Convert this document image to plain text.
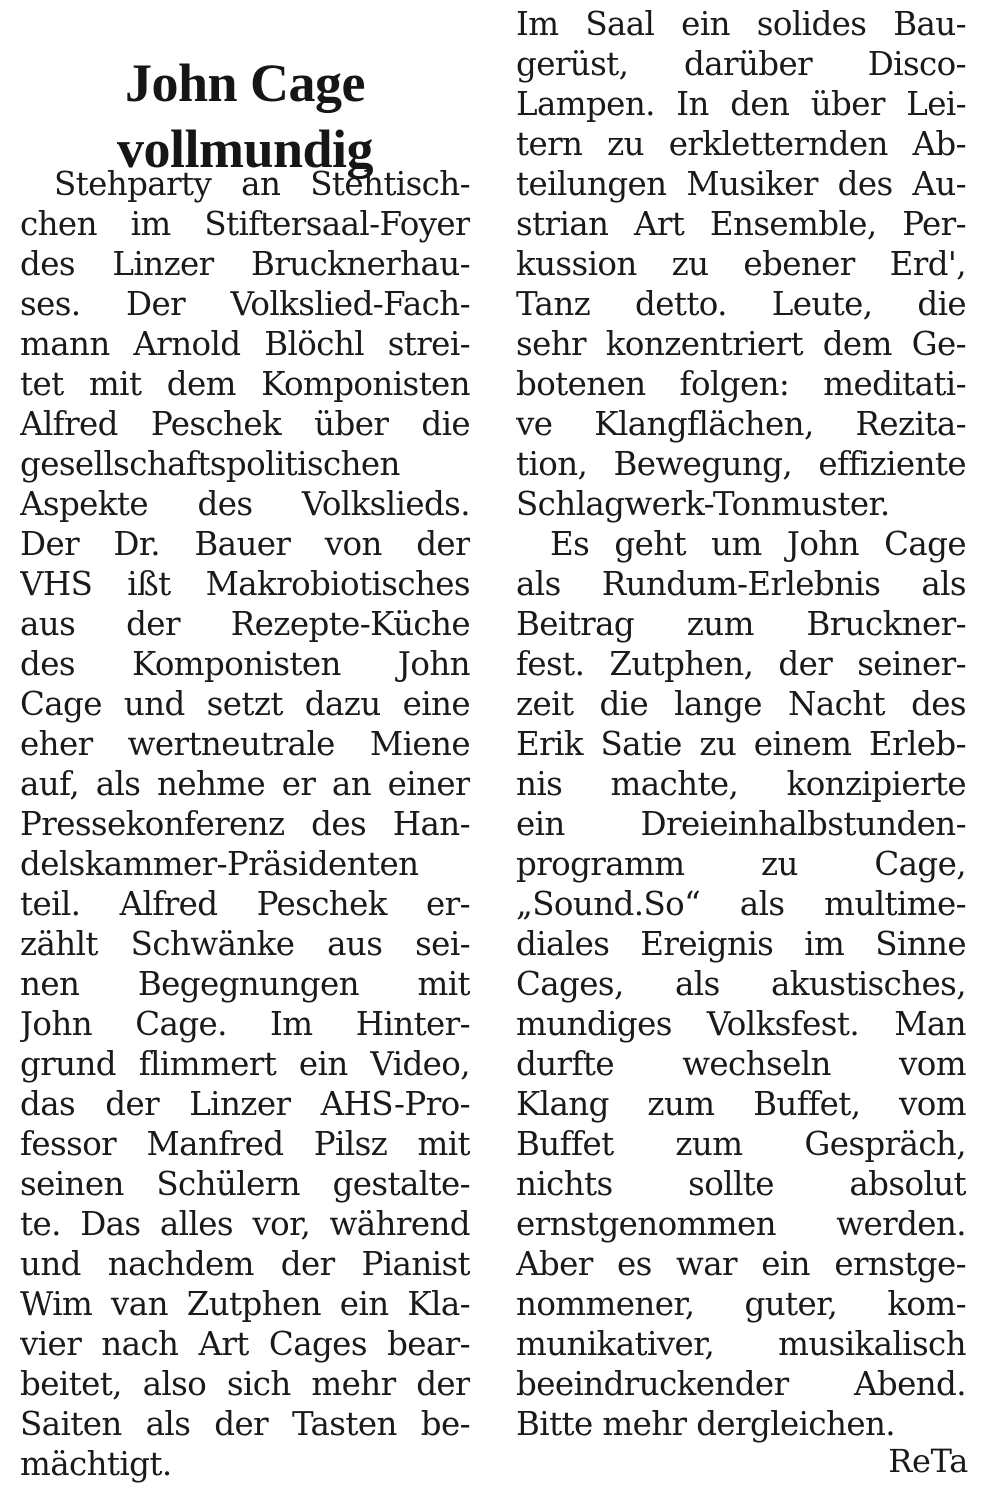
John Cage
vollmundig
Stehparty an Stehtisch-
chen im Stiftersaal-Foyer
des Linzer Brucknerhau-
ses. Der Volkslied-Fach-
mann Arnold Blöchl strei-
tet mit dem Komponisten
Alfred Peschek über die
gesellschaftspolitischen
Aspekte des Volkslieds.
Der Dr. Bauer von der
VHS ißt Makrobiotisches
aus der Rezepte-Küche
des Komponisten John
Cage und setzt dazu eine
eher wertneutrale Miene
auf, als nehme er an einer
Pressekonferenz des Han-
delskammer-Präsidenten
teil. Alfred Peschek er-
zählt Schwänke aus sei-
nen Begegnungen mit
John Cage. Im Hinter-
grund flimmert ein Video,
das der Linzer AHS-Pro-
fessor Manfred Pilsz mit
seinen Schülern gestalte-
te. Das alles vor, während
und nachdem der Pianist
Wim van Zutphen ein Kla-
vier nach Art Cages bear-
beitet, also sich mehr der
Saiten als der Tasten be-
mächtigt.
Im Saal ein solides Bau-
gerüst, darüber Disco-
Lampen. In den über Lei-
tern zu erkletternden Ab-
teilungen Musiker des Au-
strian Art Ensemble, Per-
kussion zu ebener Erd',
Tanz detto. Leute, die
sehr konzentriert dem Ge-
botenen folgen: meditati-
ve Klangflächen, Rezita-
tion, Bewegung, effiziente
Schlagwerk-Tonmuster.
Es geht um John Cage
als Rundum-Erlebnis als
Beitrag zum Bruckner-
fest. Zutphen, der seiner-
zeit die lange Nacht des
Erik Satie zu einem Erleb-
nis machte, konzipierte
ein Dreieinhalbstunden-
programm zu Cage,
„Sound.So“ als multime-
diales Ereignis im Sinne
Cages, als akustisches,
mundiges Volksfest. Man
durfte wechseln vom
Klang zum Buffet, vom
Buffet zum Gespräch,
nichts sollte absolut
ernstgenommen werden.
Aber es war ein ernstge-
nommener, guter, kom-
munikativer, musikalisch
beeindruckender Abend.
Bitte mehr dergleichen.
ReTa
